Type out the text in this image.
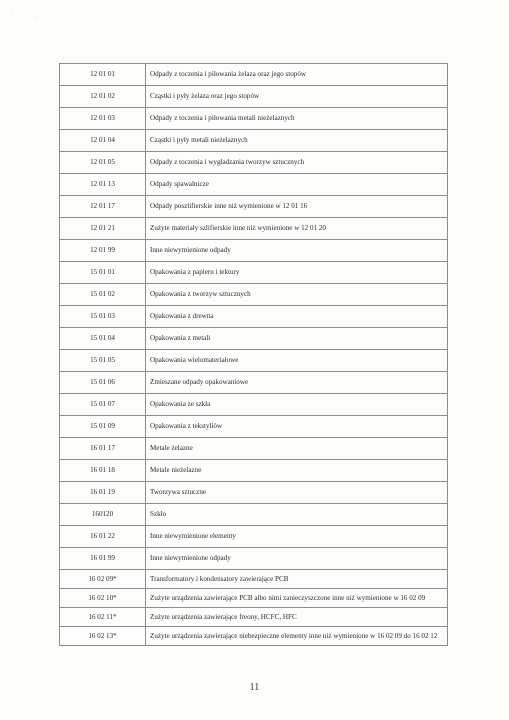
·
·
12 01 01	Odpady z toczenia i piłowania żelaza oraz jego stopów
12 01 02	Cząstki i pyły żelaza oraz jego stopów
12 01 03	Odpady z toczenia i piłowania metali nieżelaznych
12 01 04	Cząstki i pyły metali nieżelaznych
12 01 05	Odpady z toczenia i wygładzania tworzyw sztucznych
12 01 13	Odpady spawalnicze
12 01 17	Odpady poszlifierskie inne niż wymienione w 12 01 16
12 01 21	Zużyte materiały szlifierskie inne niż wymienione w 12 01 20
12 01 99	Inne niewymienione odpady
15 01 01	Opakowania z papieru i tektury
15 01 02	Opakowania z tworzyw sztucznych
15 01 03	Opakowania z drewna
15 01 04	Opakowania z metali
15 01 05	Opakowania wielomateriałowe
15 01 06	Zmieszane odpady opakowaniowe
15 01 07	Opakowania ze szkła
15 01 09	Opakowania z tekstyliów
16 01 17	Metale żelazne
16 01 18	Metale nieżelazne
16 01 19	Tworzywa sztuczne
160120	Szkło
16 01 22	Inne niewymienione elementy
16 01 99	Inne niewymienione odpady
16 02 09*	Transformatory i kondensatory zawierające PCB
16 02 10*	Zużyte urządzenia zawierające PCB albo nimi zanieczyszczone inne niż wymienione w 16 02 09
16 02 11*	Zużyte urządzenia zawierające freony, HCFC, HFC
16 02 13*	Zużyte urządzenia zawierające niebezpieczne elementy inne niż wymienione w 16 02 09 do 16 02 12
11
